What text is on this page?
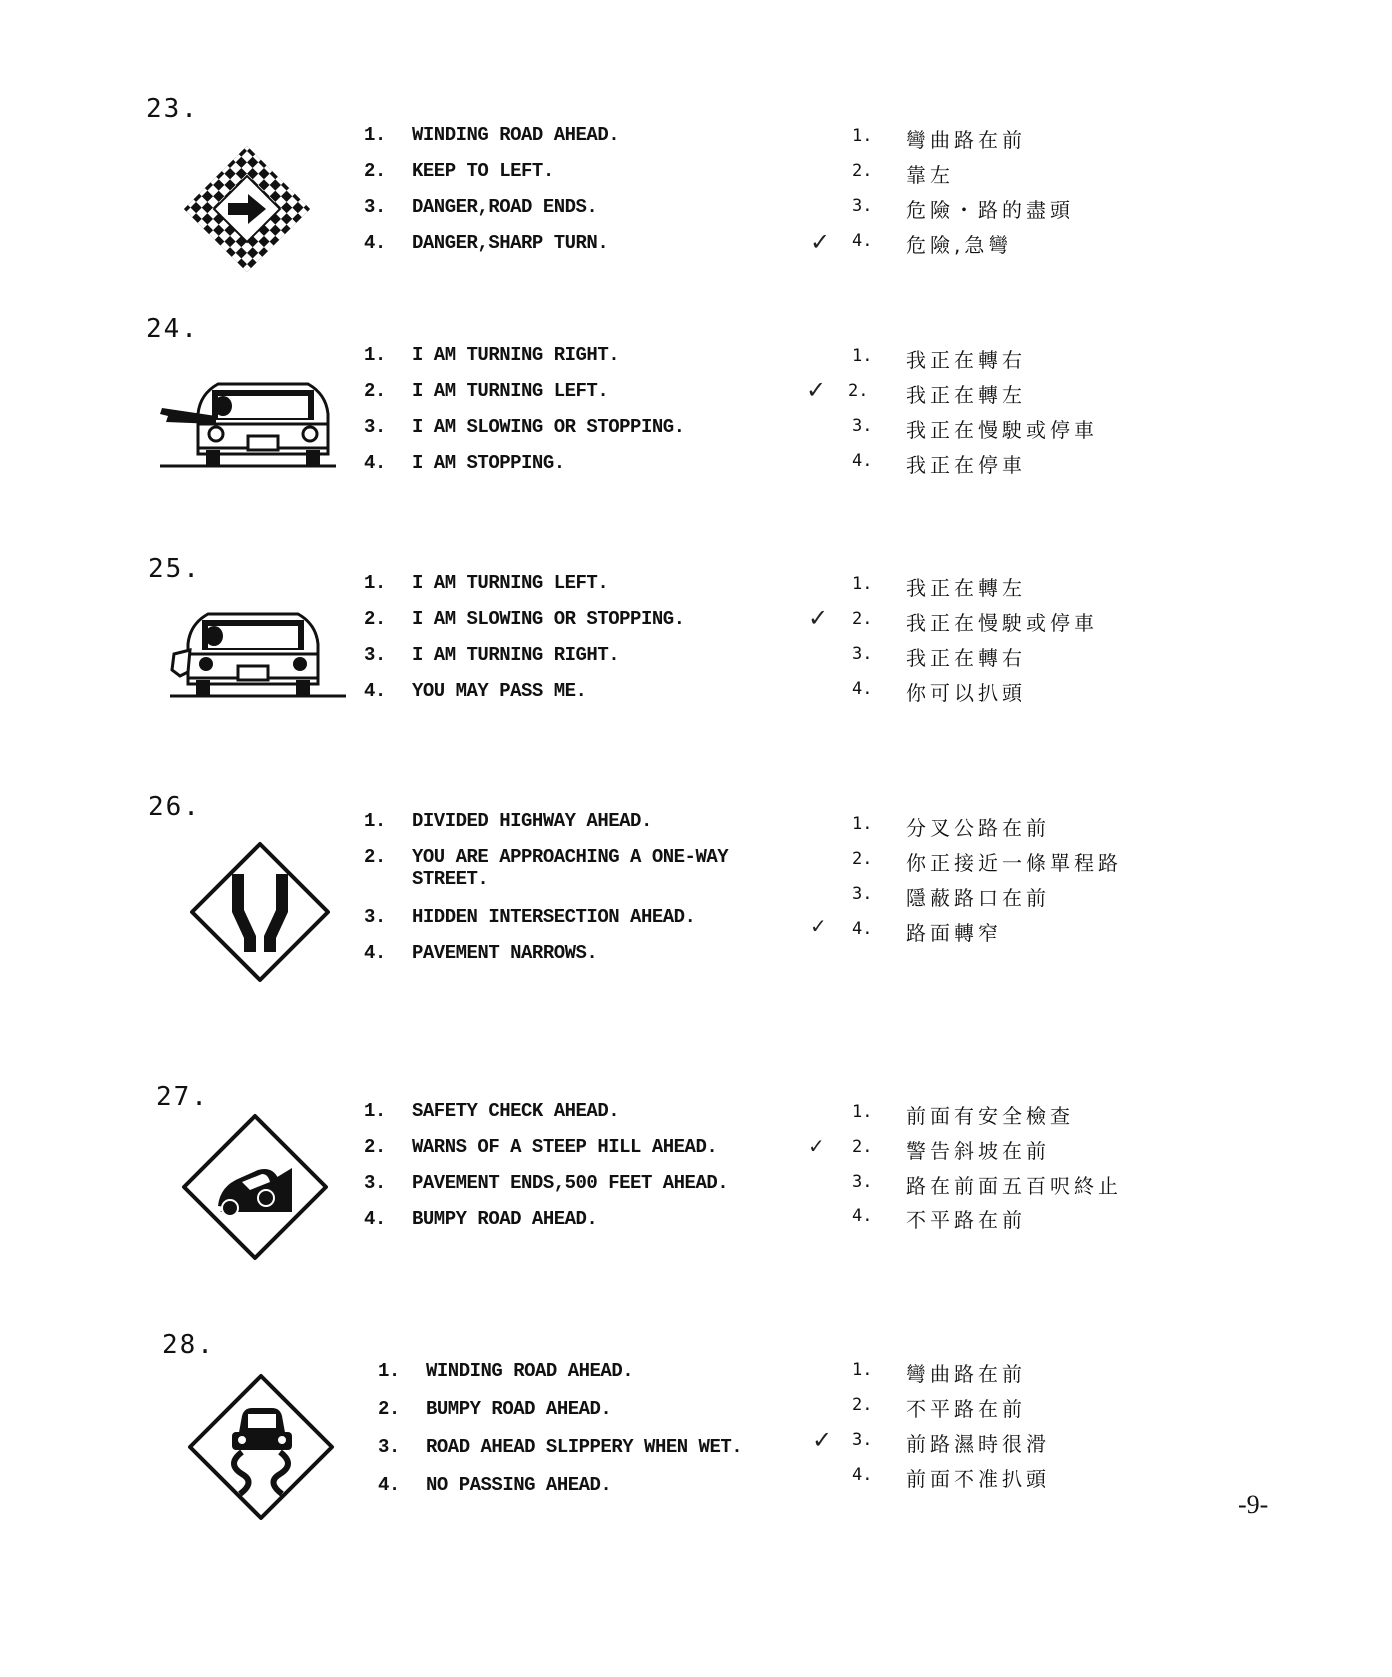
23.
1. WINDING ROAD AHEAD.
2. KEEP TO LEFT.
3. DANGER,ROAD ENDS.
4. DANGER,SHARP TURN.
1. 彎曲路在前
2. 靠左
3. 危險・路的盡頭
✓ 4. 危險,急彎
24.
1. I AM TURNING RIGHT.
2. I AM TURNING LEFT.
3. I AM SLOWING OR STOPPING.
4. I AM STOPPING.
1. 我正在轉右
✓ 2. 我正在轉左
3. 我正在慢駛或停車
4. 我正在停車
25.	1. I AM TURNING LEFT.
2. I AM SLOWING OR STOPPING.
3. I AM TURNING RIGHT.
4. YOU MAY PASS ME.
1. 我正在轉左
✓ 2. 我正在慢駛或停車
3. 我正在轉右
4. 你可以扒頭
26.	1. DIVIDED HIGHWAY AHEAD.
2. YOU ARE APPROACHING A ONE-WAY STREET.
3. HIDDEN INTERSECTION AHEAD.
4. PAVEMENT NARROWS.
1. 分叉公路在前
2. 你正接近一條單程路
3. 隱蔽路口在前
✓ 4. 路面轉窄
27.	1. SAFETY CHECK AHEAD.
2. WARNS OF A STEEP HILL AHEAD.
3. PAVEMENT ENDS,500 FEET AHEAD.
4. BUMPY ROAD AHEAD.
1. 前面有安全檢查
✓ 2. 警告斜坡在前
3. 路在前面五百呎終止
4. 不平路在前
28.
1. WINDING ROAD AHEAD.
2. BUMPY ROAD AHEAD.
3. ROAD AHEAD SLIPPERY WHEN WET.
4. NO PASSING AHEAD.
1. 彎曲路在前
2. 不平路在前
✓ 3. 前路濕時很滑
4. 前面不准扒頭
-9-
